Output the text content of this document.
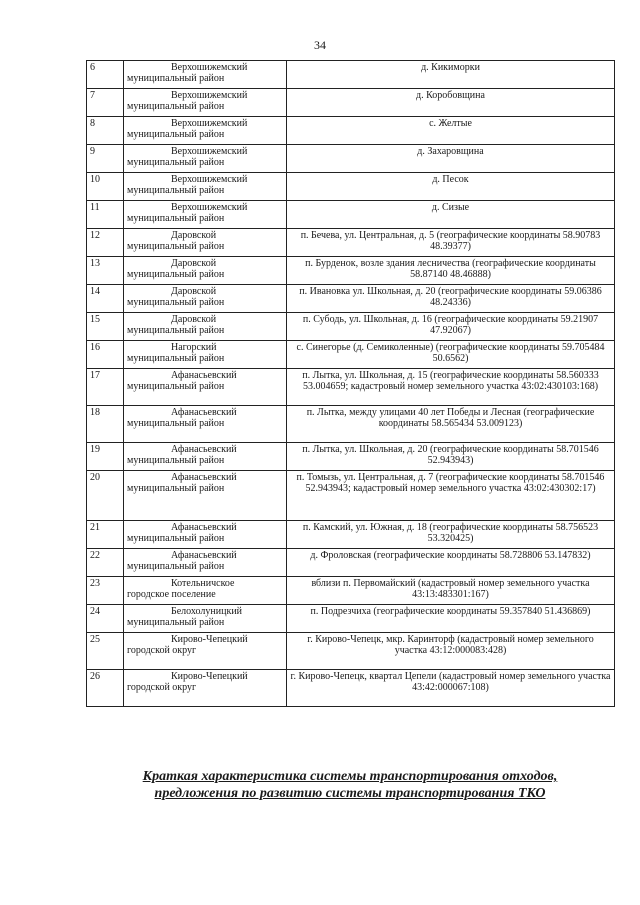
34
6	Верхошижемский
муниципальный район	д. Кикиморки
7	Верхошижемский
муниципальный район	д. Коробовщина
8	Верхошижемский
муниципальный район	с. Желтые
9	Верхошижемский
муниципальный район	д. Захаровщина
10	Верхошижемский
муниципальный район	д. Песок
11	Верхошижемский
муниципальный район	д. Сизые
12	Даровской
муниципальный район	п. Бечева, ул. Центральная, д. 5 (географические координаты 58.90783 48.39377)
13	Даровской
муниципальный район	п. Бурденок, возле здания лесничества (географические координаты 58.87140 48.46888)
14	Даровской
муниципальный район	п. Ивановка ул. Школьная, д. 20 (географические координаты 59.06386 48.24336)
15	Даровской
муниципальный район	п. Субодь, ул. Школьная, д. 16 (географические координаты 59.21907 47.92067)
16	Нагорский
муниципальный район	с. Синегорье (д. Семиколенные) (географические координаты 59.705484 50.6562)
17	Афанасьевский
муниципальный район	п. Лытка, ул. Школьная, д. 15 (географические координаты 58.560333 53.004659; кадастровый номер земельного участка 43:02:430103:168)
18	Афанасьевский
муниципальный район	п. Лытка, между улицами 40 лет Победы и Лесная (географические координаты 58.565434 53.009123)
19	Афанасьевский
муниципальный район	п. Лытка, ул. Школьная, д. 20 (географические координаты 58.701546 52.943943)
20	Афанасьевский
муниципальный район	п. Томызь, ул. Центральная, д. 7 (географические координаты 58.701546 52.943943; кадастровый номер земельного участка 43:02:430302:17)
21	Афанасьевский
муниципальный район	п. Камский, ул. Южная, д. 18 (географические координаты 58.756523 53.320425)
22	Афанасьевский
муниципальный район	д. Фроловская (географические координаты 58.728806 53.147832)
23	Котельничское
городское поселение	вблизи п. Первомайский (кадастровый номер земельного участка 43:13:483301:167)
24	Белохолуницкий
муниципальный район	п. Подрезчиха (географические координаты 59.357840 51.436869)
25	Кирово-Чепецкий
городской округ	г. Кирово-Чепецк, мкр. Каринторф (кадастровый номер земельного участка 43:12:000083:428)
26	Кирово-Чепецкий
городской округ	г. Кирово-Чепецк, квартал Цепели (кадастровый номер земельного участка 43:42:000067:108)
Краткая характеристика системы транспортирования отходов,
предложения по развитию системы транспортирования ТКО
